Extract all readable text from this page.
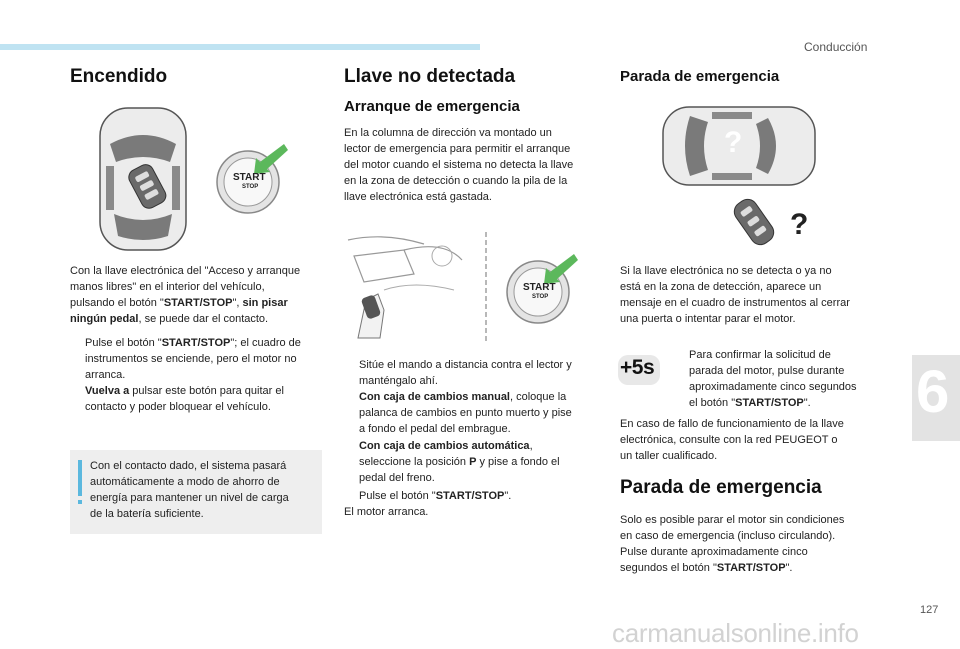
Conducción
6
127
carmanualsonline.info
Encendido
START
STOP
Con la llave electrónica del "Acceso y arranque
manos libres" en el interior del vehículo,
pulsando el botón "START/STOP", sin pisar
ningún pedal, se puede dar el contacto.
Pulse el botón "START/STOP"; el cuadro de
instrumentos se enciende, pero el motor no
arranca.
Vuelva a pulsar este botón para quitar el
contacto y poder bloquear el vehículo.
Con el contacto dado, el sistema pasará
automáticamente a modo de ahorro de
energía para mantener un nivel de carga
de la batería suficiente.
Llave no detectada
Arranque de emergencia
En la columna de dirección va montado un
lector de emergencia para permitir el arranque
del motor cuando el sistema no detecta la llave
en la zona de detección o cuando la pila de la
llave electrónica está gastada.
START
STOP
Sitúe el mando a distancia contra el lector y
manténgalo ahí.
Con caja de cambios manual, coloque la
palanca de cambios en punto muerto y pise
a fondo el pedal del embrague.
Con caja de cambios automática,
seleccione la posición P y pise a fondo el
pedal del freno.
Pulse el botón "START/STOP".
El motor arranca.
Parada de emergencia
?
?
Si la llave electrónica no se detecta o ya no
está en la zona de detección, aparece un
mensaje en el cuadro de instrumentos al cerrar
una puerta o intentar parar el motor.
+5s
Para confirmar la solicitud de
parada del motor, pulse durante
aproximadamente cinco segundos
el botón "START/STOP".
En caso de fallo de funcionamiento de la llave
electrónica, consulte con la red PEUGEOT o
un taller cualificado.
Parada de emergencia
Solo es posible parar el motor sin condiciones
en caso de emergencia (incluso circulando).
Pulse durante aproximadamente cinco
segundos el botón "START/STOP".
